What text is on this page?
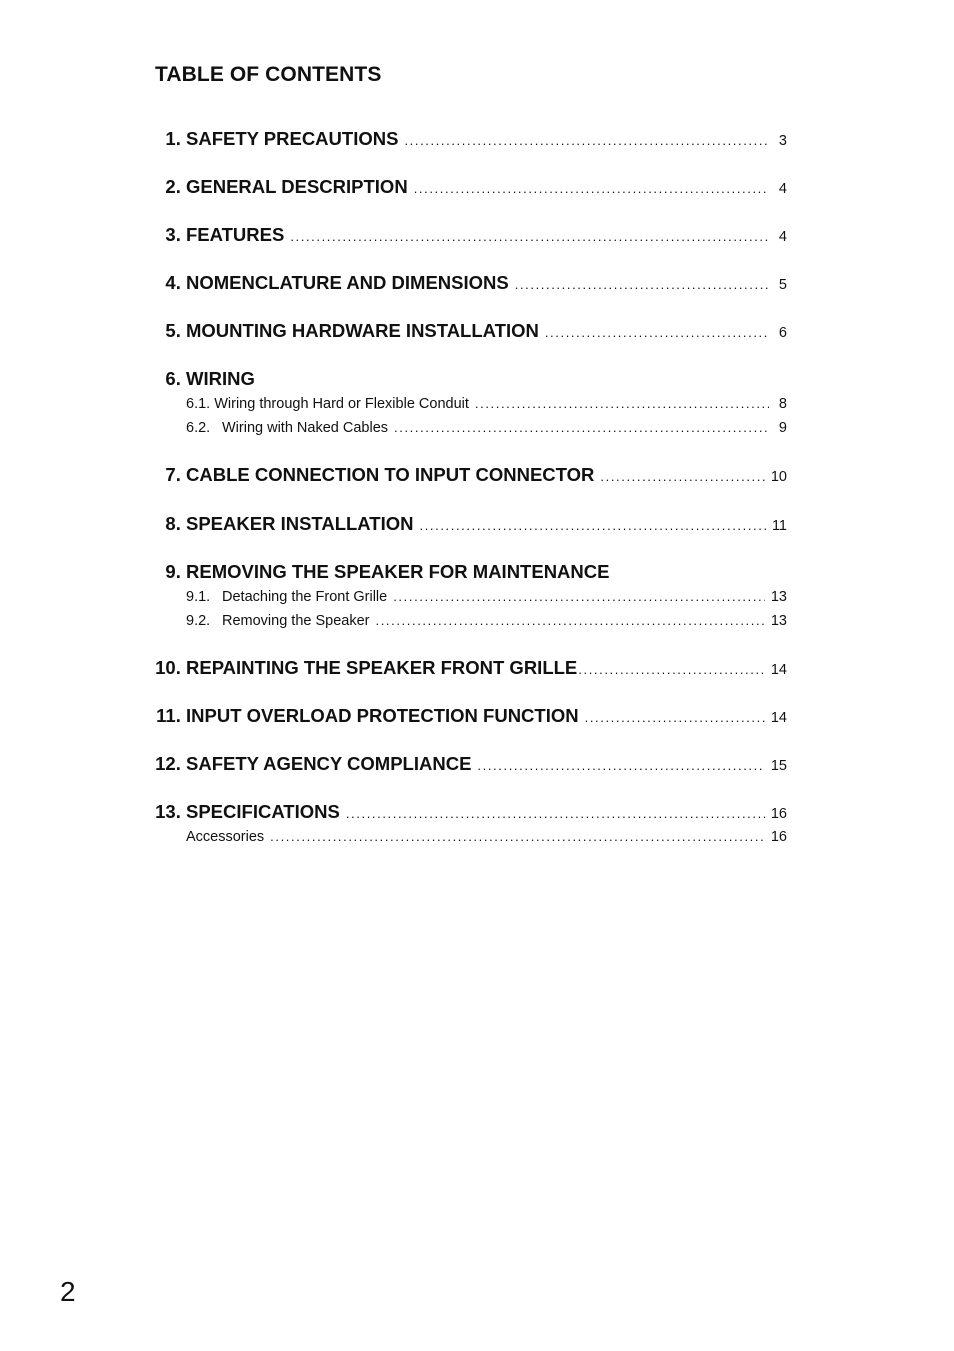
TABLE OF CONTENTS
1. SAFETY PRECAUTIONS .....	3
2. GENERAL DESCRIPTION .....	4
3. FEATURES .....	4
4. NOMENCLATURE AND DIMENSIONS .....	5
5. MOUNTING HARDWARE INSTALLATION .....	6
6. WIRING
6.1. Wiring through Hard or Flexible Conduit .....	8
6.2. Wiring with Naked Cables .....	9
7. CABLE CONNECTION TO INPUT CONNECTOR .....	10
8. SPEAKER INSTALLATION .....	11
9. REMOVING THE SPEAKER FOR MAINTENANCE
9.1. Detaching the Front Grille .....	13
9.2. Removing the Speaker .....	13
10. REPAINTING THE SPEAKER FRONT GRILLE .....	14
11. INPUT OVERLOAD PROTECTION FUNCTION .....	14
12. SAFETY AGENCY COMPLIANCE .....	15
13. SPECIFICATIONS .....	16
Accessories .....	16
2
